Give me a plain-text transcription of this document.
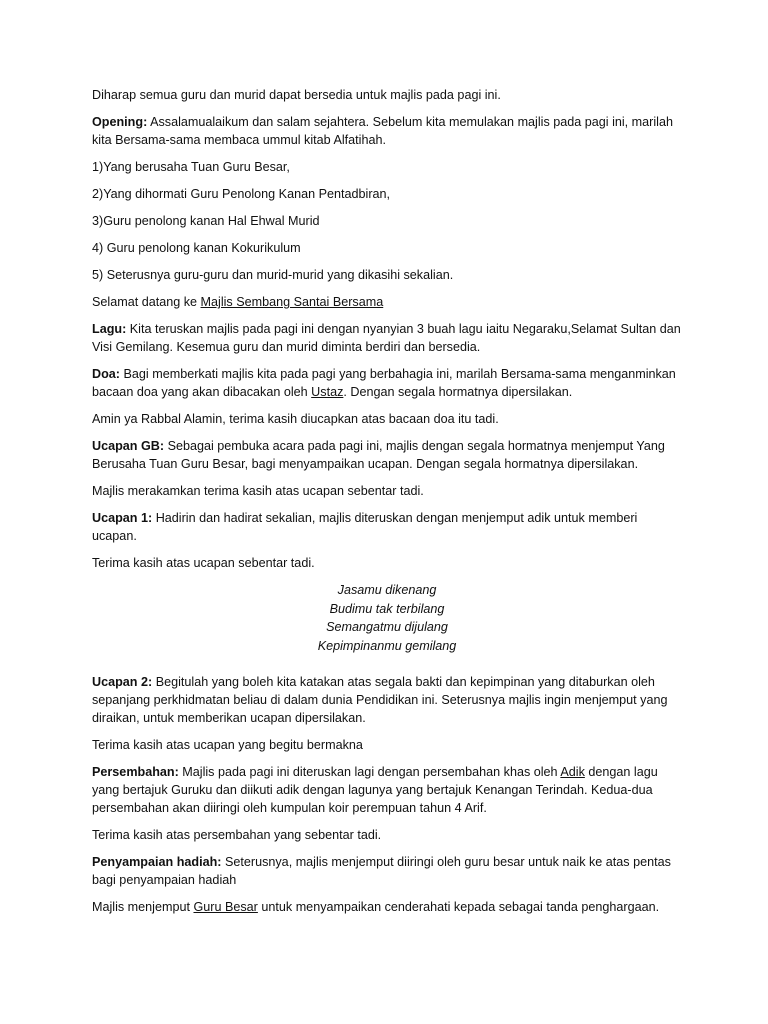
Diharap semua guru dan murid dapat bersedia untuk majlis pada pagi ini.

Opening: Assalamualaikum dan salam sejahtera. Sebelum kita memulakan majlis pada pagi ini, marilah kita Bersama-sama membaca ummul kitab Alfatihah.

1)Yang berusaha Tuan Guru Besar,

2)Yang dihormati Guru Penolong Kanan Pentadbiran,

3)Guru penolong kanan Hal Ehwal Murid

4) Guru penolong kanan Kokurikulum

5) Seterusnya guru-guru dan murid-murid yang dikasihi sekalian.

Selamat datang ke Majlis Sembang Santai Bersama

Lagu: Kita teruskan majlis pada pagi ini dengan nyanyian 3 buah lagu iaitu Negaraku,Selamat Sultan dan Visi Gemilang. Kesemua guru dan murid diminta berdiri dan bersedia.

Doa: Bagi memberkati majlis kita pada pagi yang berbahagia ini, marilah Bersama-sama menganminkan bacaan doa yang akan dibacakan oleh Ustaz. Dengan segala hormatnya dipersilakan.

Amin ya Rabbal Alamin, terima kasih diucapkan atas bacaan doa itu tadi.

Ucapan GB: Sebagai pembuka acara pada pagi ini, majlis dengan segala hormatnya menjemput Yang Berusaha Tuan Guru Besar, bagi menyampaikan ucapan. Dengan segala hormatnya dipersilakan.

Majlis merakamkan terima kasih atas ucapan sebentar tadi.

Ucapan 1: Hadirin dan hadirat sekalian, majlis diteruskan dengan menjemput adik untuk memberi ucapan.

Terima kasih atas ucapan sebentar tadi.

Jasamu dikenang
Budimu tak terbilang
Semangatmu dijulang
Kepimpinanmu gemilang

Ucapan 2: Begitulah yang boleh kita katakan atas segala bakti dan kepimpinan yang ditaburkan oleh sepanjang perkhidmatan beliau di dalam dunia Pendidikan ini. Seterusnya majlis ingin menjemput yang diraikan, untuk memberikan ucapan dipersilakan.

Terima kasih atas ucapan yang begitu bermakna

Persembahan: Majlis pada pagi ini diteruskan lagi dengan persembahan khas oleh Adik dengan lagu yang bertajuk Guruku dan diikuti adik dengan lagunya yang bertajuk Kenangan Terindah. Kedua-dua persembahan akan diiringi oleh kumpulan koir perempuan tahun 4 Arif.

Terima kasih atas persembahan yang sebentar tadi.

Penyampaian hadiah: Seterusnya, majlis menjemput diiringi oleh guru besar untuk naik ke atas pentas bagi penyampaian hadiah

Majlis menjemput Guru Besar untuk menyampaikan cenderahati kepada sebagai tanda penghargaan.
